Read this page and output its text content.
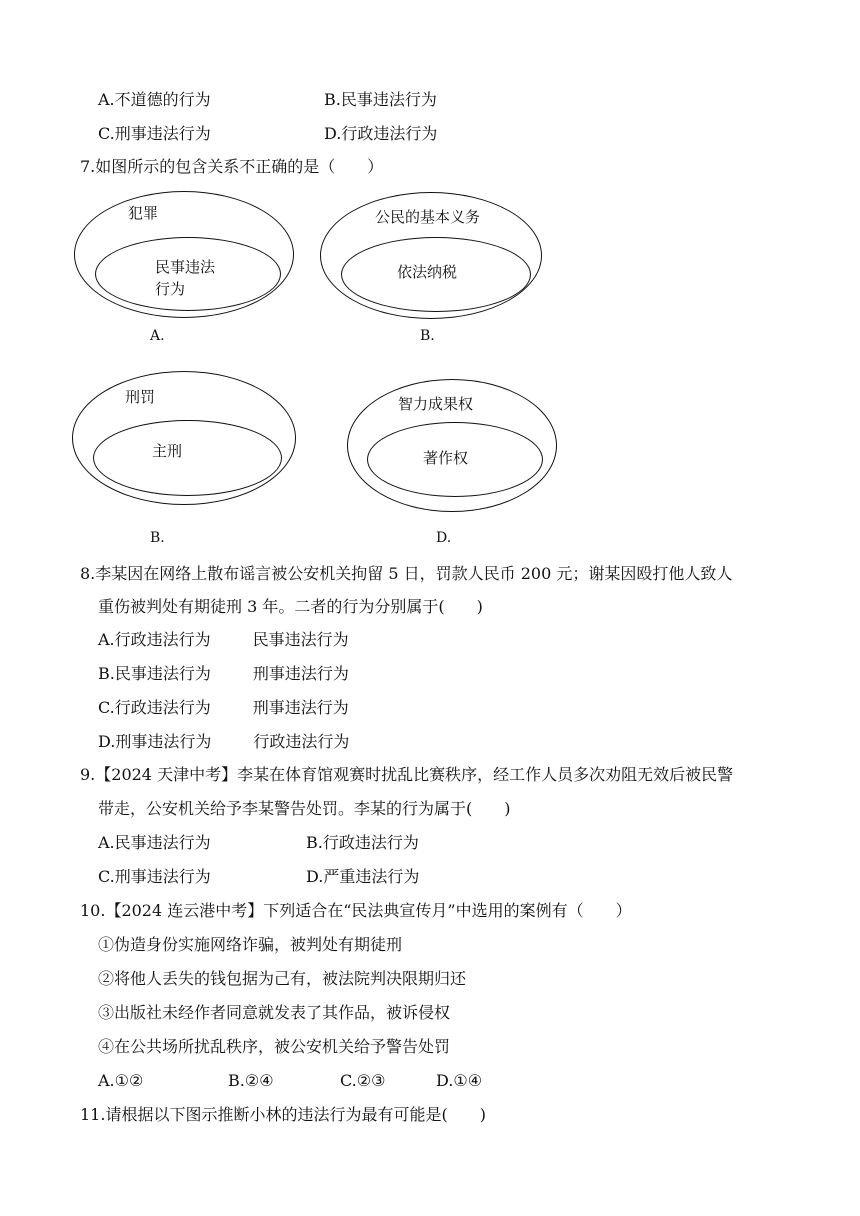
A.不道德的行为	B.民事违法行为
C.刑事违法行为	D.行政违法行为
7.如图所示的包含关系不正确的是（　　）
犯罪
民事违法
行为
A.
公民的基本义务
依法纳税
B.
刑罚
主刑
B.
智力成果权
著作权
D.
8.李某因在网络上散布谣言被公安机关拘留 5 日，罚款人民币 200 元；谢某因殴打他人致人
重伤被判处有期徒刑 3 年。二者的行为分别属于(　　)
A.行政违法行为	民事违法行为
B.民事违法行为	刑事违法行为
C.行政违法行为	刑事违法行为
D.刑事违法行为	行政违法行为
9.【2024 天津中考】李某在体育馆观赛时扰乱比赛秩序，经工作人员多次劝阻无效后被民警
带走，公安机关给予李某警告处罚。李某的行为属于(　　)
A.民事违法行为	B.行政违法行为
C.刑事违法行为	D.严重违法行为
10.【2024 连云港中考】下列适合在“民法典宣传月”中选用的案例有（　　）
①伪造身份实施网络诈骗，被判处有期徒刑
②将他人丢失的钱包据为己有，被法院判决限期归还
③出版社未经作者同意就发表了其作品，被诉侵权
④在公共场所扰乱秩序，被公安机关给予警告处罚
A.①②	B.②④	C.②③	D.①④
11.请根据以下图示推断小林的违法行为最有可能是(　　)
